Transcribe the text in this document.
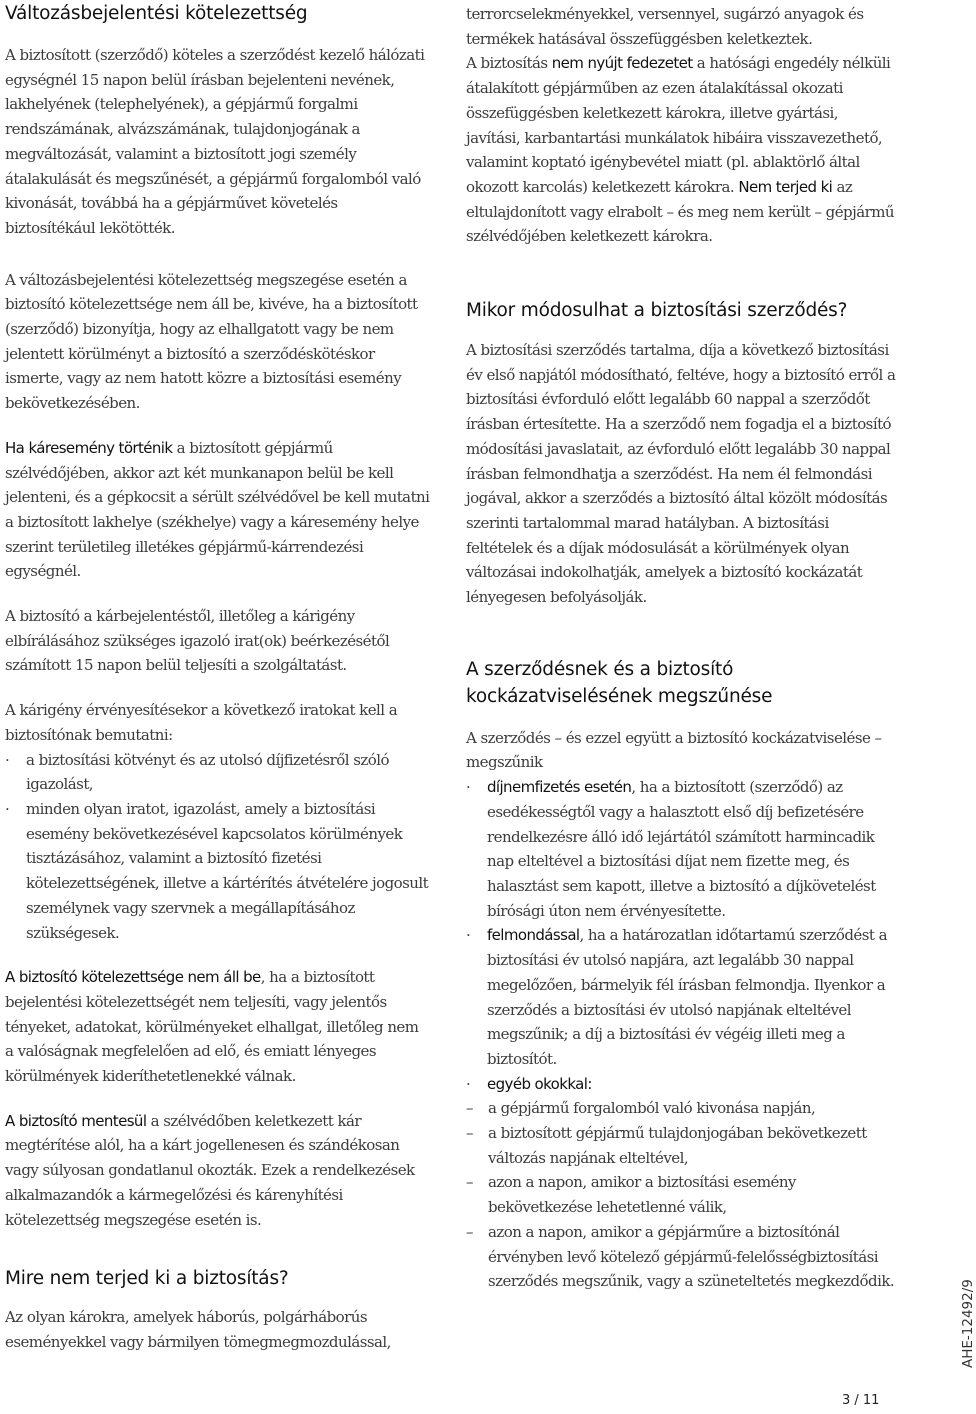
Változásbejelentési kötelezettség

A biztosított (szerződő) köteles a szerződést kezelő hálózati egységnél 15 napon belül írásban bejelenteni nevének, lakhelyének (telephelyének), a gépjármű forgalmi rendszámának, alvázszámának, tulajdonjogának a megváltozását, valamint a biztosított jogi személy átalakulását és megszűnését, a gépjármű forgalomból való kivonását, továbbá ha a gépjárművet követelés biztosítékául lekötötték.

A változásbejelentési kötelezettség megszegése esetén a biztosító kötelezettsége nem áll be, kivéve, ha a biztosított (szerződő) bizonyítja, hogy az elhallgatott vagy be nem jelentett körülményt a biztosító a szerződéskötéskor ismerte, vagy az nem hatott közre a biztosítási esemény bekövetkezésében.

Ha káresemény történik a biztosított gépjármű szélvédőjében, akkor azt két munkanapon belül be kell jelenteni, és a gépkocsit a sérült szélvédővel be kell mutatni a biztosított lakhelye (székhelye) vagy a káresemény helye szerint területileg illetékes gépjármű-kárrendezési egységnél.

A biztosító a kárbejelentéstől, illetőleg a kárigény elbírálásához szükséges igazoló irat(ok) beérkezésétől számított 15 napon belül teljesíti a szolgáltatást.

A kárigény érvényesítésekor a következő iratokat kell a biztosítónak bemutatni:

· a biztosítási kötvényt és az utolsó díjfizetésről szóló igazolást,
· minden olyan iratot, igazolást, amely a biztosítási esemény bekövetkezésével kapcsolatos körülmények tisztázásához, valamint a biztosító fizetési kötelezettségének, illetve a kártérítés átvételére jogosult személynek vagy szervnek a megállapításához szükségesek.

A biztosító kötelezettsége nem áll be, ha a biztosított bejelentési kötelezettségét nem teljesíti, vagy jelentős tényeket, adatokat, körülményeket elhallgat, illetőleg nem a valóságnak megfelelően ad elő, és emiatt lényeges körülmények kideríthetetlenekké válnak.

A biztosító mentesül a szélvédőben keletkezett kár megtérítése alól, ha a kárt jogellenesen és szándékosan vagy súlyosan gondatlanul okozták. Ezek a rendelkezések alkalmazandók a kármegelőzési és kárenyhítési kötelezettség megszegése esetén is.

Mire nem terjed ki a biztosítás?

Az olyan károkra, amelyek háborús, polgárháborús eseményekkel vagy bármilyen tömegmegmozdulással,

terrorcselekményekkel, versennyel, sugárzó anyagok és termékek hatásával összefüggésben keletkeztek.

A biztosítás nem nyújt fedezetet a hatósági engedély nélküli átalakított gépjárműben az ezen átalakítással okozati összefüggésben keletkezett károkra, illetve gyártási, javítási, karbantartási munkálatok hibáira visszavezethető, valamint koptató igénybevétel miatt (pl. ablaktörlő által okozott karcolás) keletkezett károkra. Nem terjed ki az eltulajdonított vagy elrabolt – és meg nem került – gépjármű szélvédőjében keletkezett károkra.

Mikor módosulhat a biztosítási szerződés?

A biztosítási szerződés tartalma, díja a következő biztosítási év első napjától módosítható, feltéve, hogy a biztosító erről a biztosítási évforduló előtt legalább 60 nappal a szerződőt írásban értesítette. Ha a szerződő nem fogadja el a biztosító módosítási javaslatait, az évforduló előtt legalább 30 nappal írásban felmondhatja a szerződést. Ha nem él felmondási jogával, akkor a szerződés a biztosító által közölt módosítás szerinti tartalommal marad hatályban. A biztosítási feltételek és a díjak módosulását a körülmények olyan változásai indokolhatják, amelyek a biztosító kockázatát lényegesen befolyásolják.

A szerződésnek és a biztosító kockázatviselésének megszűnése

A szerződés – és ezzel együtt a biztosító kockázatviselése – megszűnik

· díjnemfizetés esetén, ha a biztosított (szerződő) az esedékességtől vagy a halasztott első díj befizetésére rendelkezésre álló idő lejártától számított harmincadik nap elteltével a biztosítási díjat nem fizette meg, és halasztást sem kapott, illetve a biztosító a díjkövetelést bírósági úton nem érvényesítette.
· felmondással, ha a határozatlan időtartamú szerződést a biztosítási év utolsó napjára, azt legalább 30 nappal megelőzően, bármelyik fél írásban felmondja. Ilyenkor a szerződés a biztosítási év utolsó napjának elteltével megszűnik; a díj a biztosítási év végéig illeti meg a biztosítót.
· egyéb okokkal:
– a gépjármű forgalomból való kivonása napján,
– a biztosított gépjármű tulajdonjogában bekövetkezett változás napjának elteltével,
– azon a napon, amikor a biztosítási esemény bekövetkezése lehetetlenné válik,
– azon a napon, amikor a gépjárműre a biztosítónál érvényben levő kötelező gépjármű-felelősségbiztosítási szerződés megszűnik, vagy a szüneteltetés megkezdődik.
3 / 11
AHE-12492/9
